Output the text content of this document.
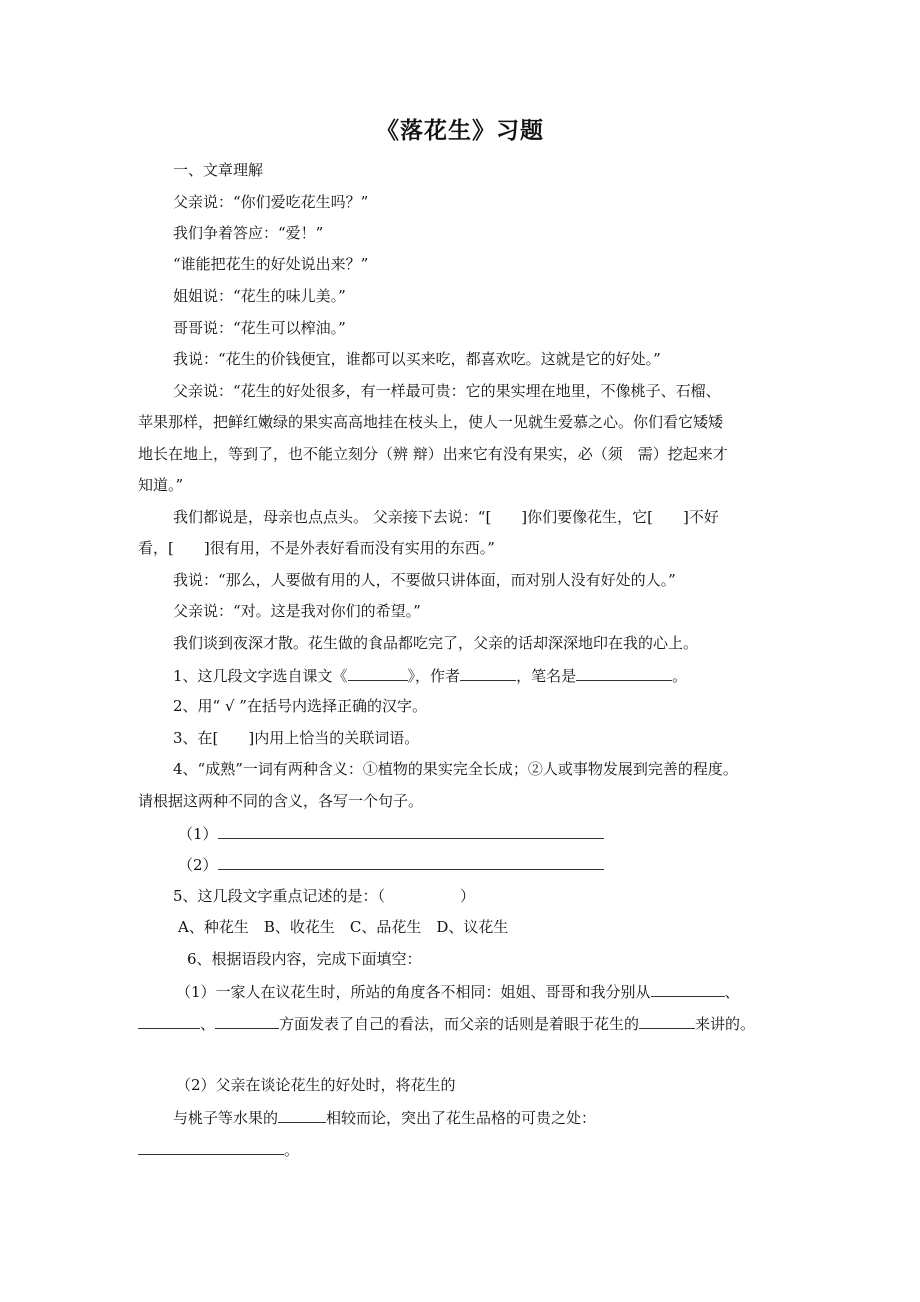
《落花生》习题
一、文章理解
父亲说：“你们爱吃花生吗？”
我们争着答应：“爱！”
“谁能把花生的好处说出来？”
姐姐说：“花生的味儿美。”
哥哥说：“花生可以榨油。”
我说：“花生的价钱便宜，谁都可以买来吃，都喜欢吃。这就是它的好处。”
父亲说：“花生的好处很多，有一样最可贵：它的果实埋在地里，不像桃子、石榴、
苹果那样，把鲜红嫩绿的果实高高地挂在枝头上，使人一见就生爱慕之心。你们看它矮矮
地长在地上，等到了，也不能立刻分（辨 辩）出来它有没有果实，必（须　需）挖起来才
知道。”
我们都说是，母亲也点点头。 父亲接下去说：“[　　]你们要像花生，它[　　]不好
看，[　　]很有用，不是外表好看而没有实用的东西。”
我说：“那么，人要做有用的人，不要做只讲体面，而对别人没有好处的人。”
父亲说：“对。这是我对你们的希望。”
我们谈到夜深才散。花生做的食品都吃完了，父亲的话却深深地印在我的心上。
1、这几段文字选自课文《	》，作者	，笔名是	。
2、用“ √ ”在括号内选择正确的汉字。
3、在[　　]内用上恰当的关联词语。
4、“成熟”一词有两种含义：①植物的果实完全长成；②人或事物发展到完善的程度。
请根据这两种不同的含义，各写一个句子。
（1）
（2）
5、这几段文字重点记述的是：（　　　　　）
A、种花生　B、收花生　C、品花生　D、议花生
6、根据语段内容，完成下面填空：
（1）一家人在议花生时，所站的角度各不相同：姐姐、哥哥和我分别从	、
、	方面发表了自己的看法，而父亲的话则是着眼于花生的	来讲的。
（2）父亲在谈论花生的好处时，将花生的
与桃子等水果的	相较而论，突出了花生品格的可贵之处：
。
